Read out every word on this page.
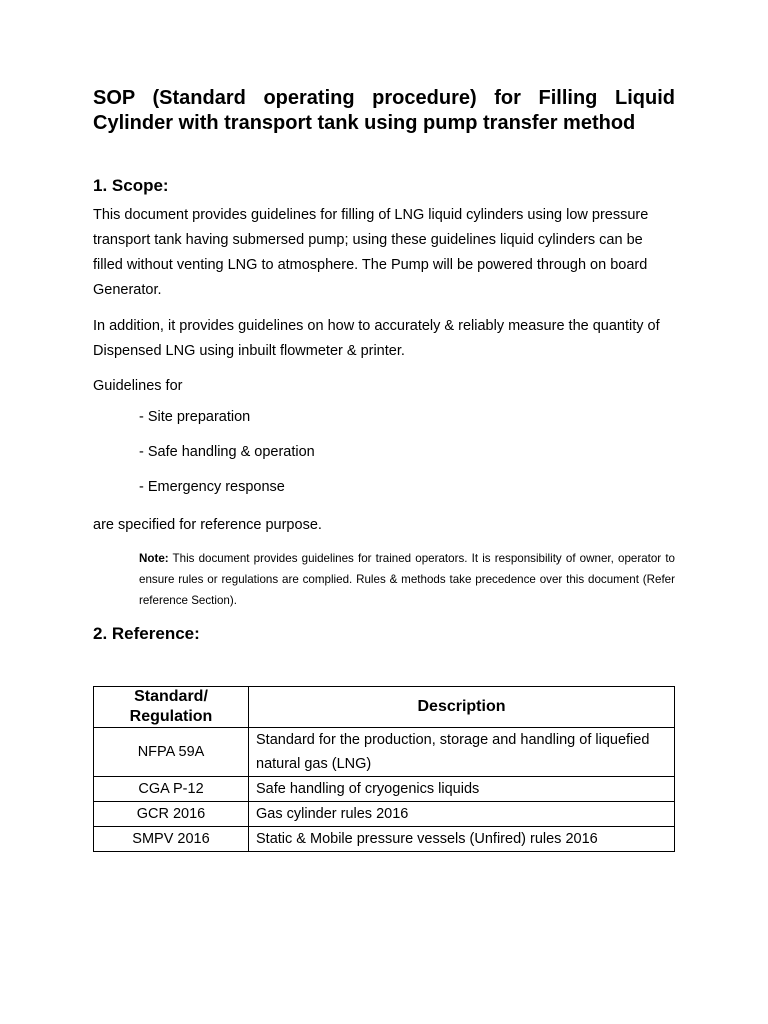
SOP (Standard operating procedure) for Filling Liquid Cylinder with transport tank using pump transfer method
1. Scope:

This document provides guidelines for filling of LNG liquid cylinders using low pressure transport tank having submersed pump; using these guidelines liquid cylinders can be filled without venting LNG to atmosphere. The Pump will be powered through on board Generator.

In addition, it provides guidelines on how to accurately & reliably measure the quantity of Dispensed LNG using inbuilt flowmeter & printer.

Guidelines for

- Site preparation

- Safe handling & operation

- Emergency response

are specified for reference purpose.

Note: This document provides guidelines for trained operators. It is responsibility of owner, operator to ensure rules or regulations are complied. Rules & methods take precedence over this document (Refer reference Section).

2. Reference:
Standard/ Regulation	Description
NFPA 59A	Standard for the production, storage and handling of liquefied natural gas (LNG)
CGA P-12	Safe handling of cryogenics liquids
GCR 2016	Gas cylinder rules 2016
SMPV 2016	Static & Mobile pressure vessels (Unfired) rules 2016
